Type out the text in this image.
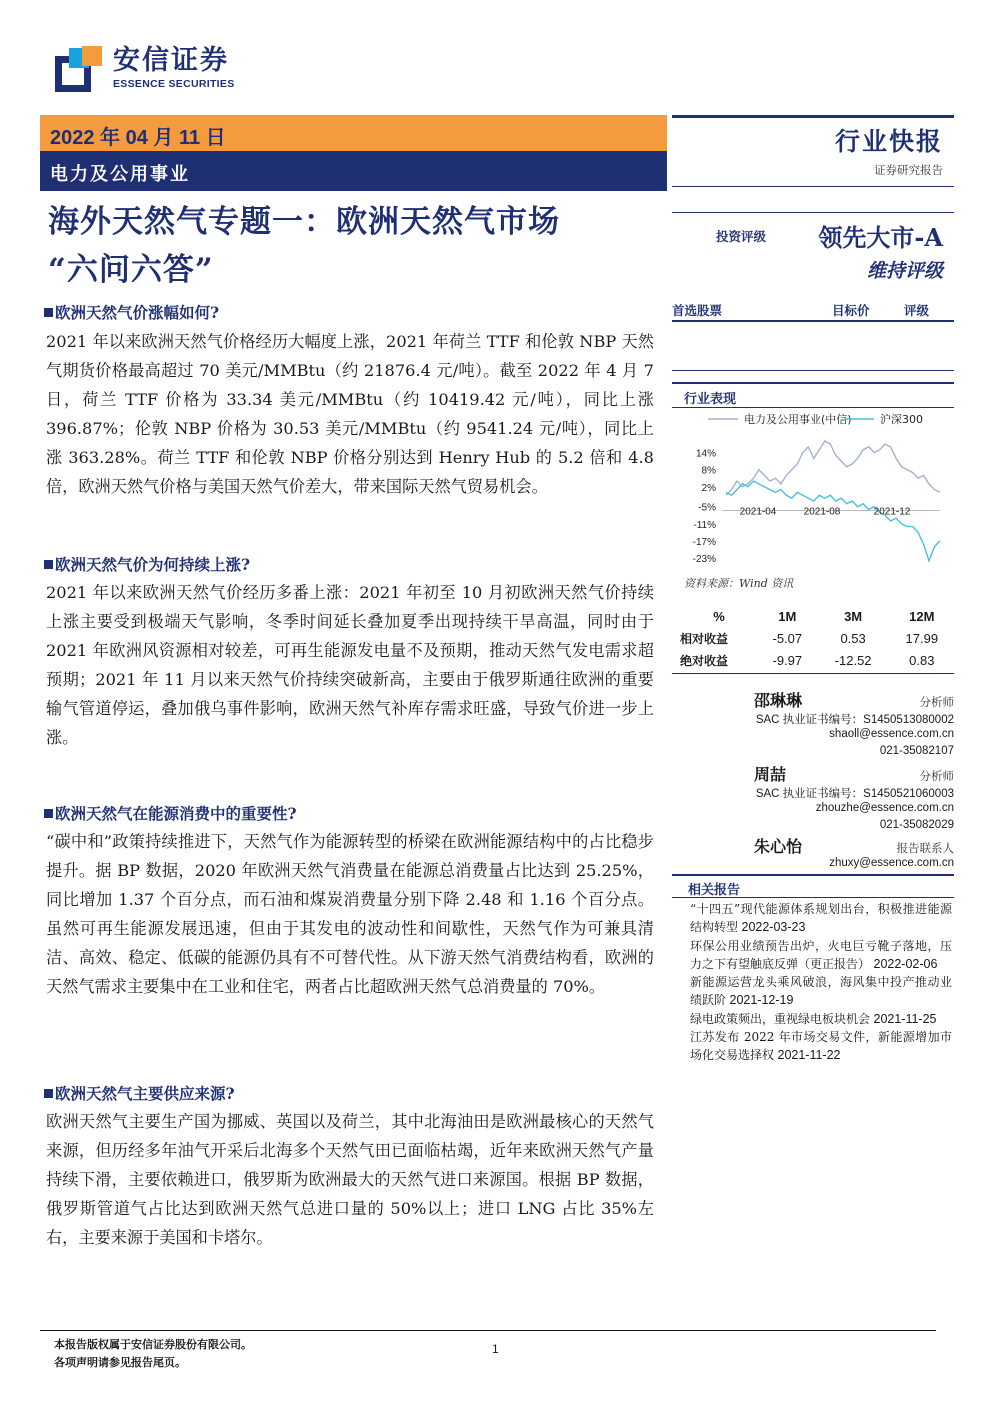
安信证券
ESSENCE SECURITIES
2022 年 04 月 11 日
电力及公用事业
行业快报
证券研究报告
海外天然气专题一：欧洲天然气市场
“六问六答”
投资评级 领先大市-A
维持评级
首选股票	目标价	评级
行业表现
电力及公用事业(中信)	沪深300
14%
8%
2%
-5%
-11%
-17%
-23%
2021-04	2021-08	2021-12
资料来源：Wind 资讯
%	1M	3M	12M
相对收益	-5.07	0.53	17.99
绝对收益	-9.97	-12.52	0.83
邵琳琳	分析师
SAC 执业证书编号：S1450513080002
shaoll@essence.com.cn
021-35082107
周喆	分析师
SAC 执业证书编号：S1450521060003
zhouzhe@essence.com.cn
021-35082029
朱心怡	报告联系人
zhuxy@essence.com.cn
相关报告
“十四五”现代能源体系规划出台，积极推进能源结构转型 2022-03-23
环保公用业绩预告出炉，火电巨亏靴子落地，压力之下有望触底反弹（更正报告） 2022-02-06
新能源运营龙头乘风破浪，海风集中投产推动业绩跃阶 2021-12-19
绿电政策频出，重视绿电板块机会 2021-11-25
江苏发布 2022 年市场交易文件，新能源增加市场化交易选择权 2021-11-22
欧洲天然气价涨幅如何?
2021 年以来欧洲天然气价格经历大幅度上涨，2021 年荷兰 TTF 和伦敦 NBP 天然气期货价格最高超过 70 美元/MMBtu（约 21876.4 元/吨）。截至 2022 年 4 月 7 日，荷兰 TTF 价格为 33.34 美元/MMBtu（约 10419.42 元/吨），同比上涨 396.87%；伦敦 NBP 价格为 30.53 美元/MMBtu（约 9541.24 元/吨），同比上涨 363.28%。荷兰 TTF 和伦敦 NBP 价格分别达到 Henry Hub 的 5.2 倍和 4.8 倍，欧洲天然气价格与美国天然气价差大，带来国际天然气贸易机会。
欧洲天然气价为何持续上涨?
2021 年以来欧洲天然气价经历多番上涨：2021 年初至 10 月初欧洲天然气价持续上涨主要受到极端天气影响，冬季时间延长叠加夏季出现持续干旱高温，同时由于 2021 年欧洲风资源相对较差，可再生能源发电量不及预期，推动天然气发电需求超预期；2021 年 11 月以来天然气价持续突破新高，主要由于俄罗斯通往欧洲的重要输气管道停运，叠加俄乌事件影响，欧洲天然气补库存需求旺盛，导致气价进一步上涨。
欧洲天然气在能源消费中的重要性?
“碳中和”政策持续推进下，天然气作为能源转型的桥梁在欧洲能源结构中的占比稳步提升。据 BP 数据，2020 年欧洲天然气消费量在能源总消费量占比达到 25.25%，同比增加 1.37 个百分点，而石油和煤炭消费量分别下降 2.48 和 1.16 个百分点。虽然可再生能源发展迅速，但由于其发电的波动性和间歇性，天然气作为可兼具清洁、高效、稳定、低碳的能源仍具有不可替代性。从下游天然气消费结构看，欧洲的天然气需求主要集中在工业和住宅，两者占比超欧洲天然气总消费量的 70%。
欧洲天然气主要供应来源?
欧洲天然气主要生产国为挪威、英国以及荷兰，其中北海油田是欧洲最核心的天然气来源，但历经多年油气开采后北海多个天然气田已面临枯竭，近年来欧洲天然气产量持续下滑，主要依赖进口，俄罗斯为欧洲最大的天然气进口来源国。根据 BP 数据，俄罗斯管道气占比达到欧洲天然气总进口量的 50%以上；进口 LNG 占比 35%左右，主要来源于美国和卡塔尔。
本报告版权属于安信证券股份有限公司。
各项声明请参见报告尾页。
1
